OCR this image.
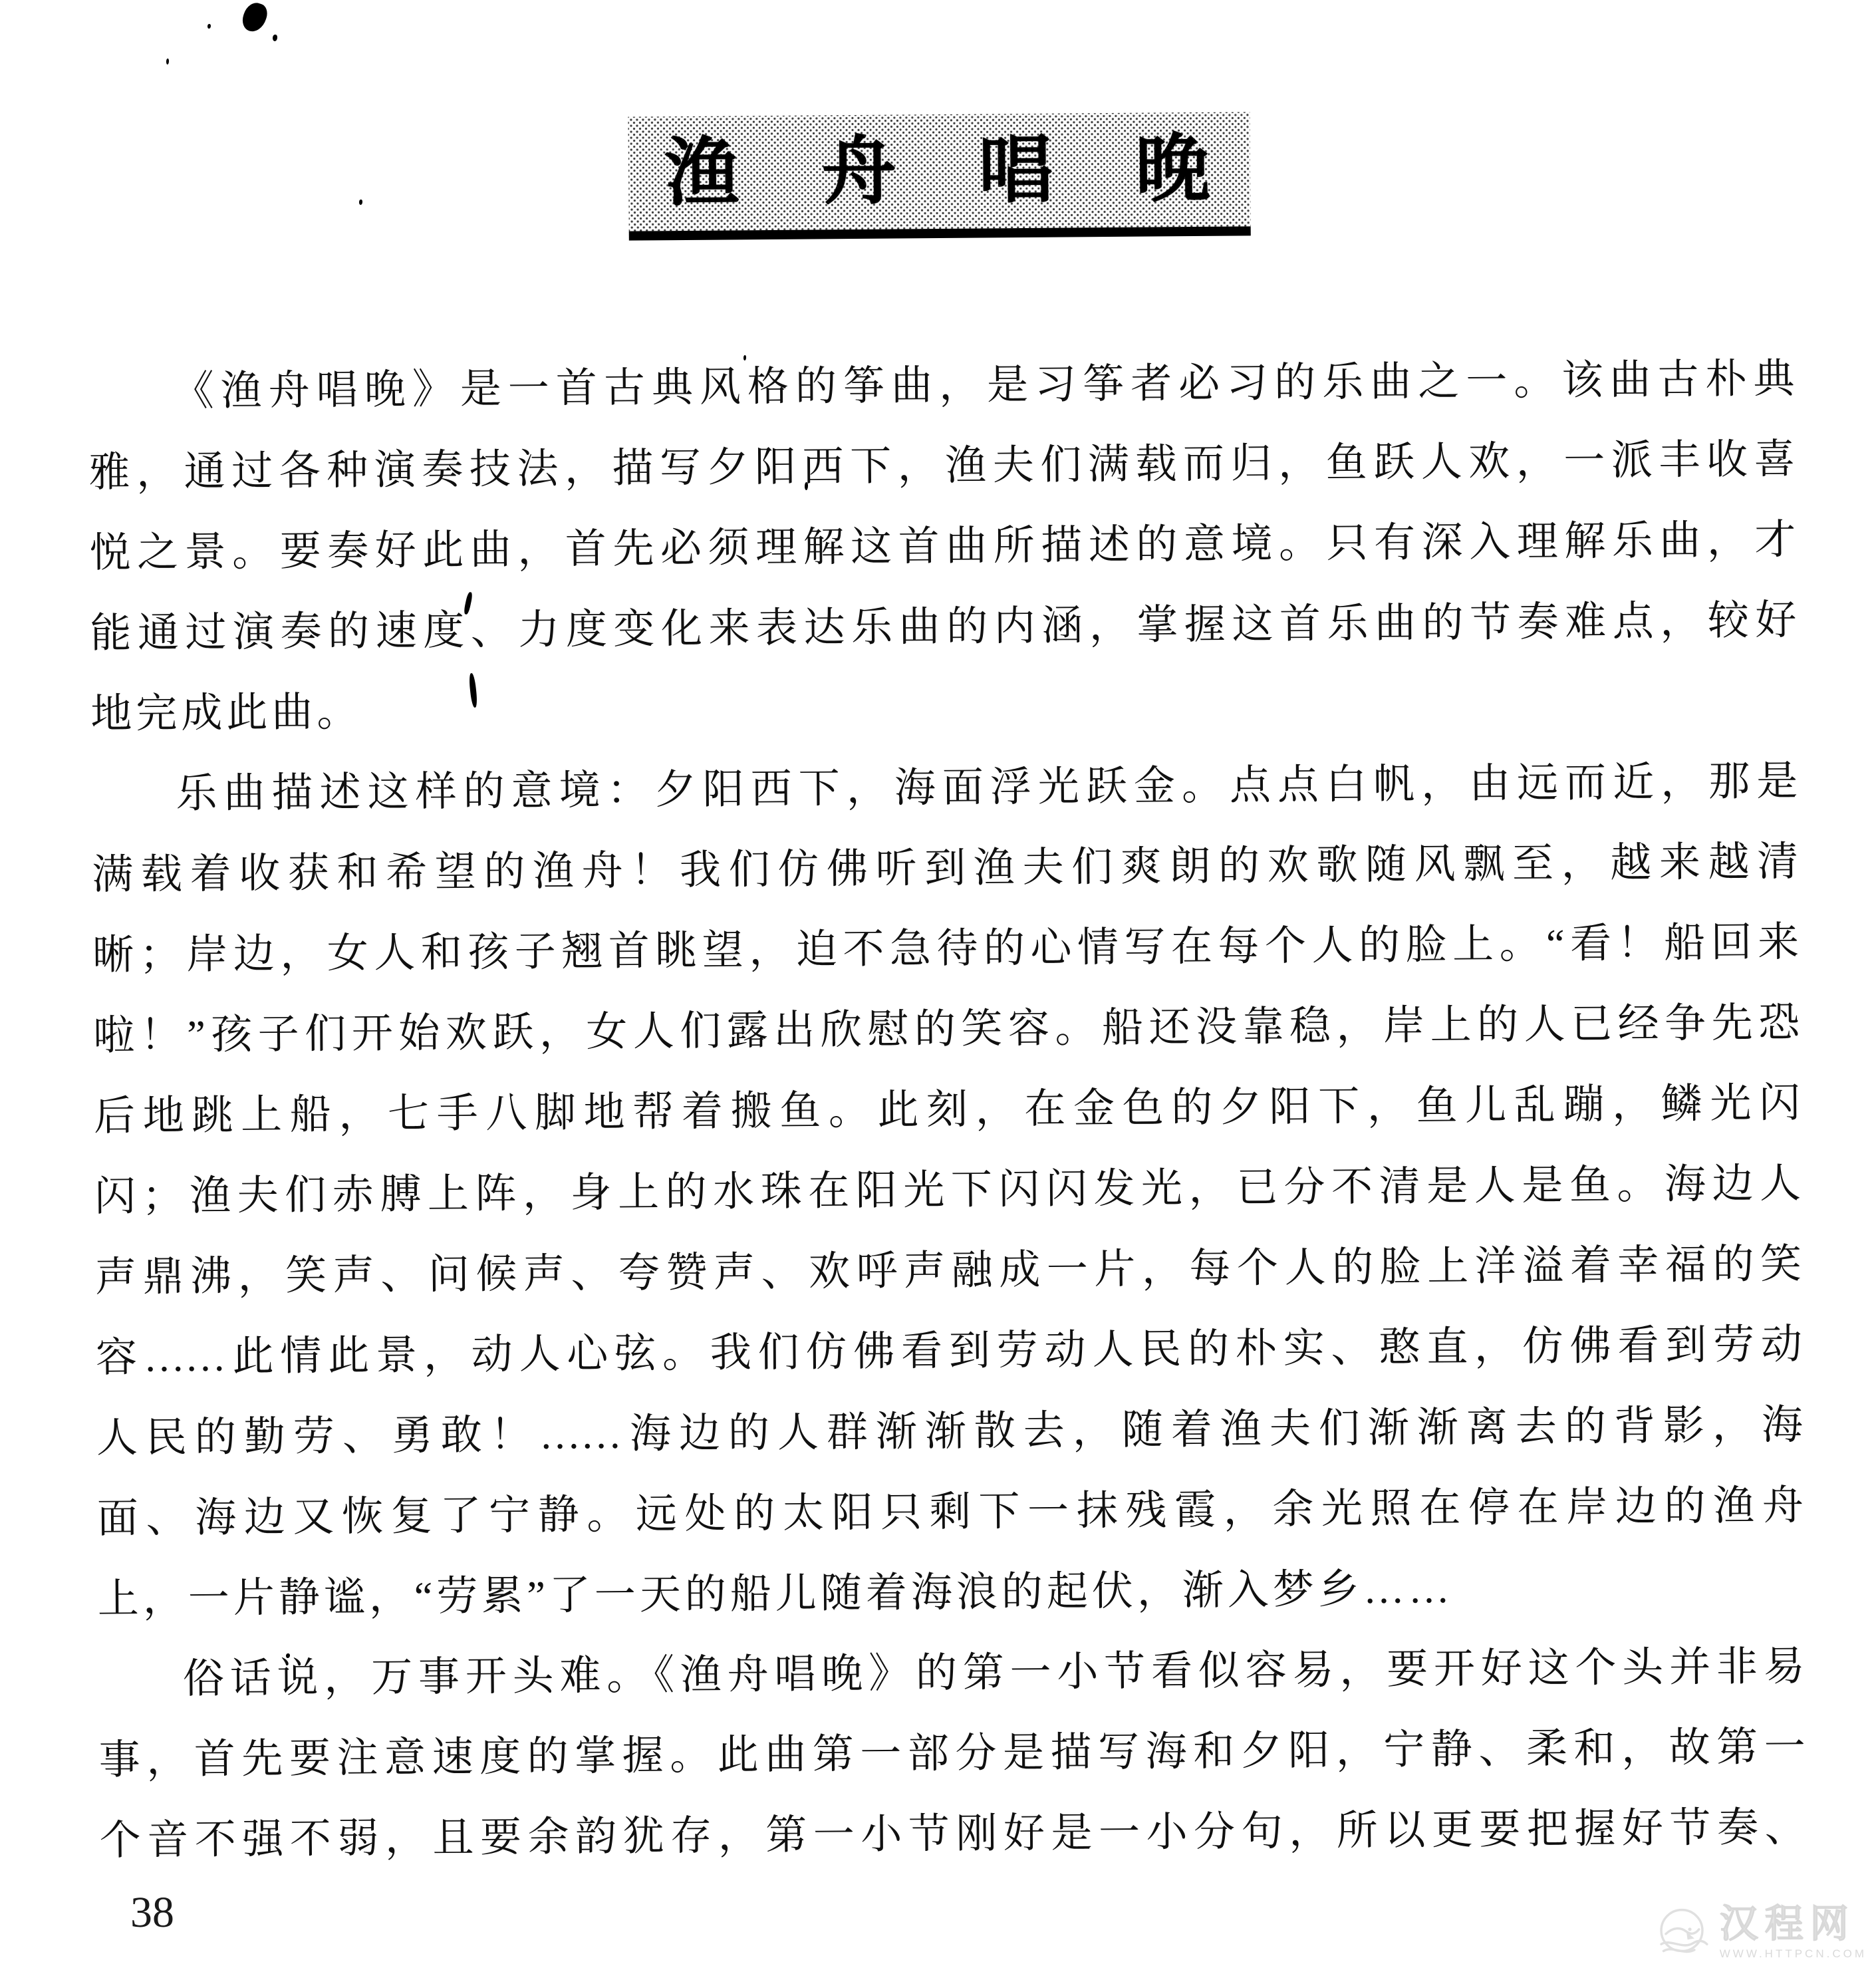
渔　舟　唱　晚
《渔舟唱晚》是一首古典风格的筝曲，是习筝者必习的乐曲之一。该曲古朴典
雅，通过各种演奏技法，描写夕阳西下，渔夫们满载而归，鱼跃人欢，一派丰收喜
悦之景。要奏好此曲，首先必须理解这首曲所描述的意境。只有深入理解乐曲，才
能通过演奏的速度、力度变化来表达乐曲的内涵，掌握这首乐曲的节奏难点，较好
地完成此曲。
乐曲描述这样的意境：夕阳西下，海面浮光跃金。点点白帆，由远而近，那是
满载着收获和希望的渔舟！我们仿佛听到渔夫们爽朗的欢歌随风飘至，越来越清
晰；岸边，女人和孩子翘首眺望，迫不急待的心情写在每个人的脸上。“看！船回来
啦！”孩子们开始欢跃，女人们露出欣慰的笑容。船还没靠稳，岸上的人已经争先恐
后地跳上船，七手八脚地帮着搬鱼。此刻，在金色的夕阳下，鱼儿乱蹦，鳞光闪
闪；渔夫们赤膊上阵，身上的水珠在阳光下闪闪发光，已分不清是人是鱼。海边人
声鼎沸，笑声、问候声、夸赞声、欢呼声融成一片，每个人的脸上洋溢着幸福的笑
容……此情此景，动人心弦。我们仿佛看到劳动人民的朴实、憨直，仿佛看到劳动
人民的勤劳、勇敢！……海边的人群渐渐散去，随着渔夫们渐渐离去的背影，海
面、海边又恢复了宁静。远处的太阳只剩下一抹残霞，余光照在停在岸边的渔舟
上，一片静谧，“劳累”了一天的船儿随着海浪的起伏，渐入梦乡……
俗话说，万事开头难。《渔舟唱晚》的第一小节看似容易，要开好这个头并非易
事，首先要注意速度的掌握。此曲第一部分是描写海和夕阳，宁静、柔和，故第一
个音不强不弱，且要余韵犹存，第一小节刚好是一小分句，所以更要把握好节奏、
38	汉程网
WWW.HTTPCN.COM
